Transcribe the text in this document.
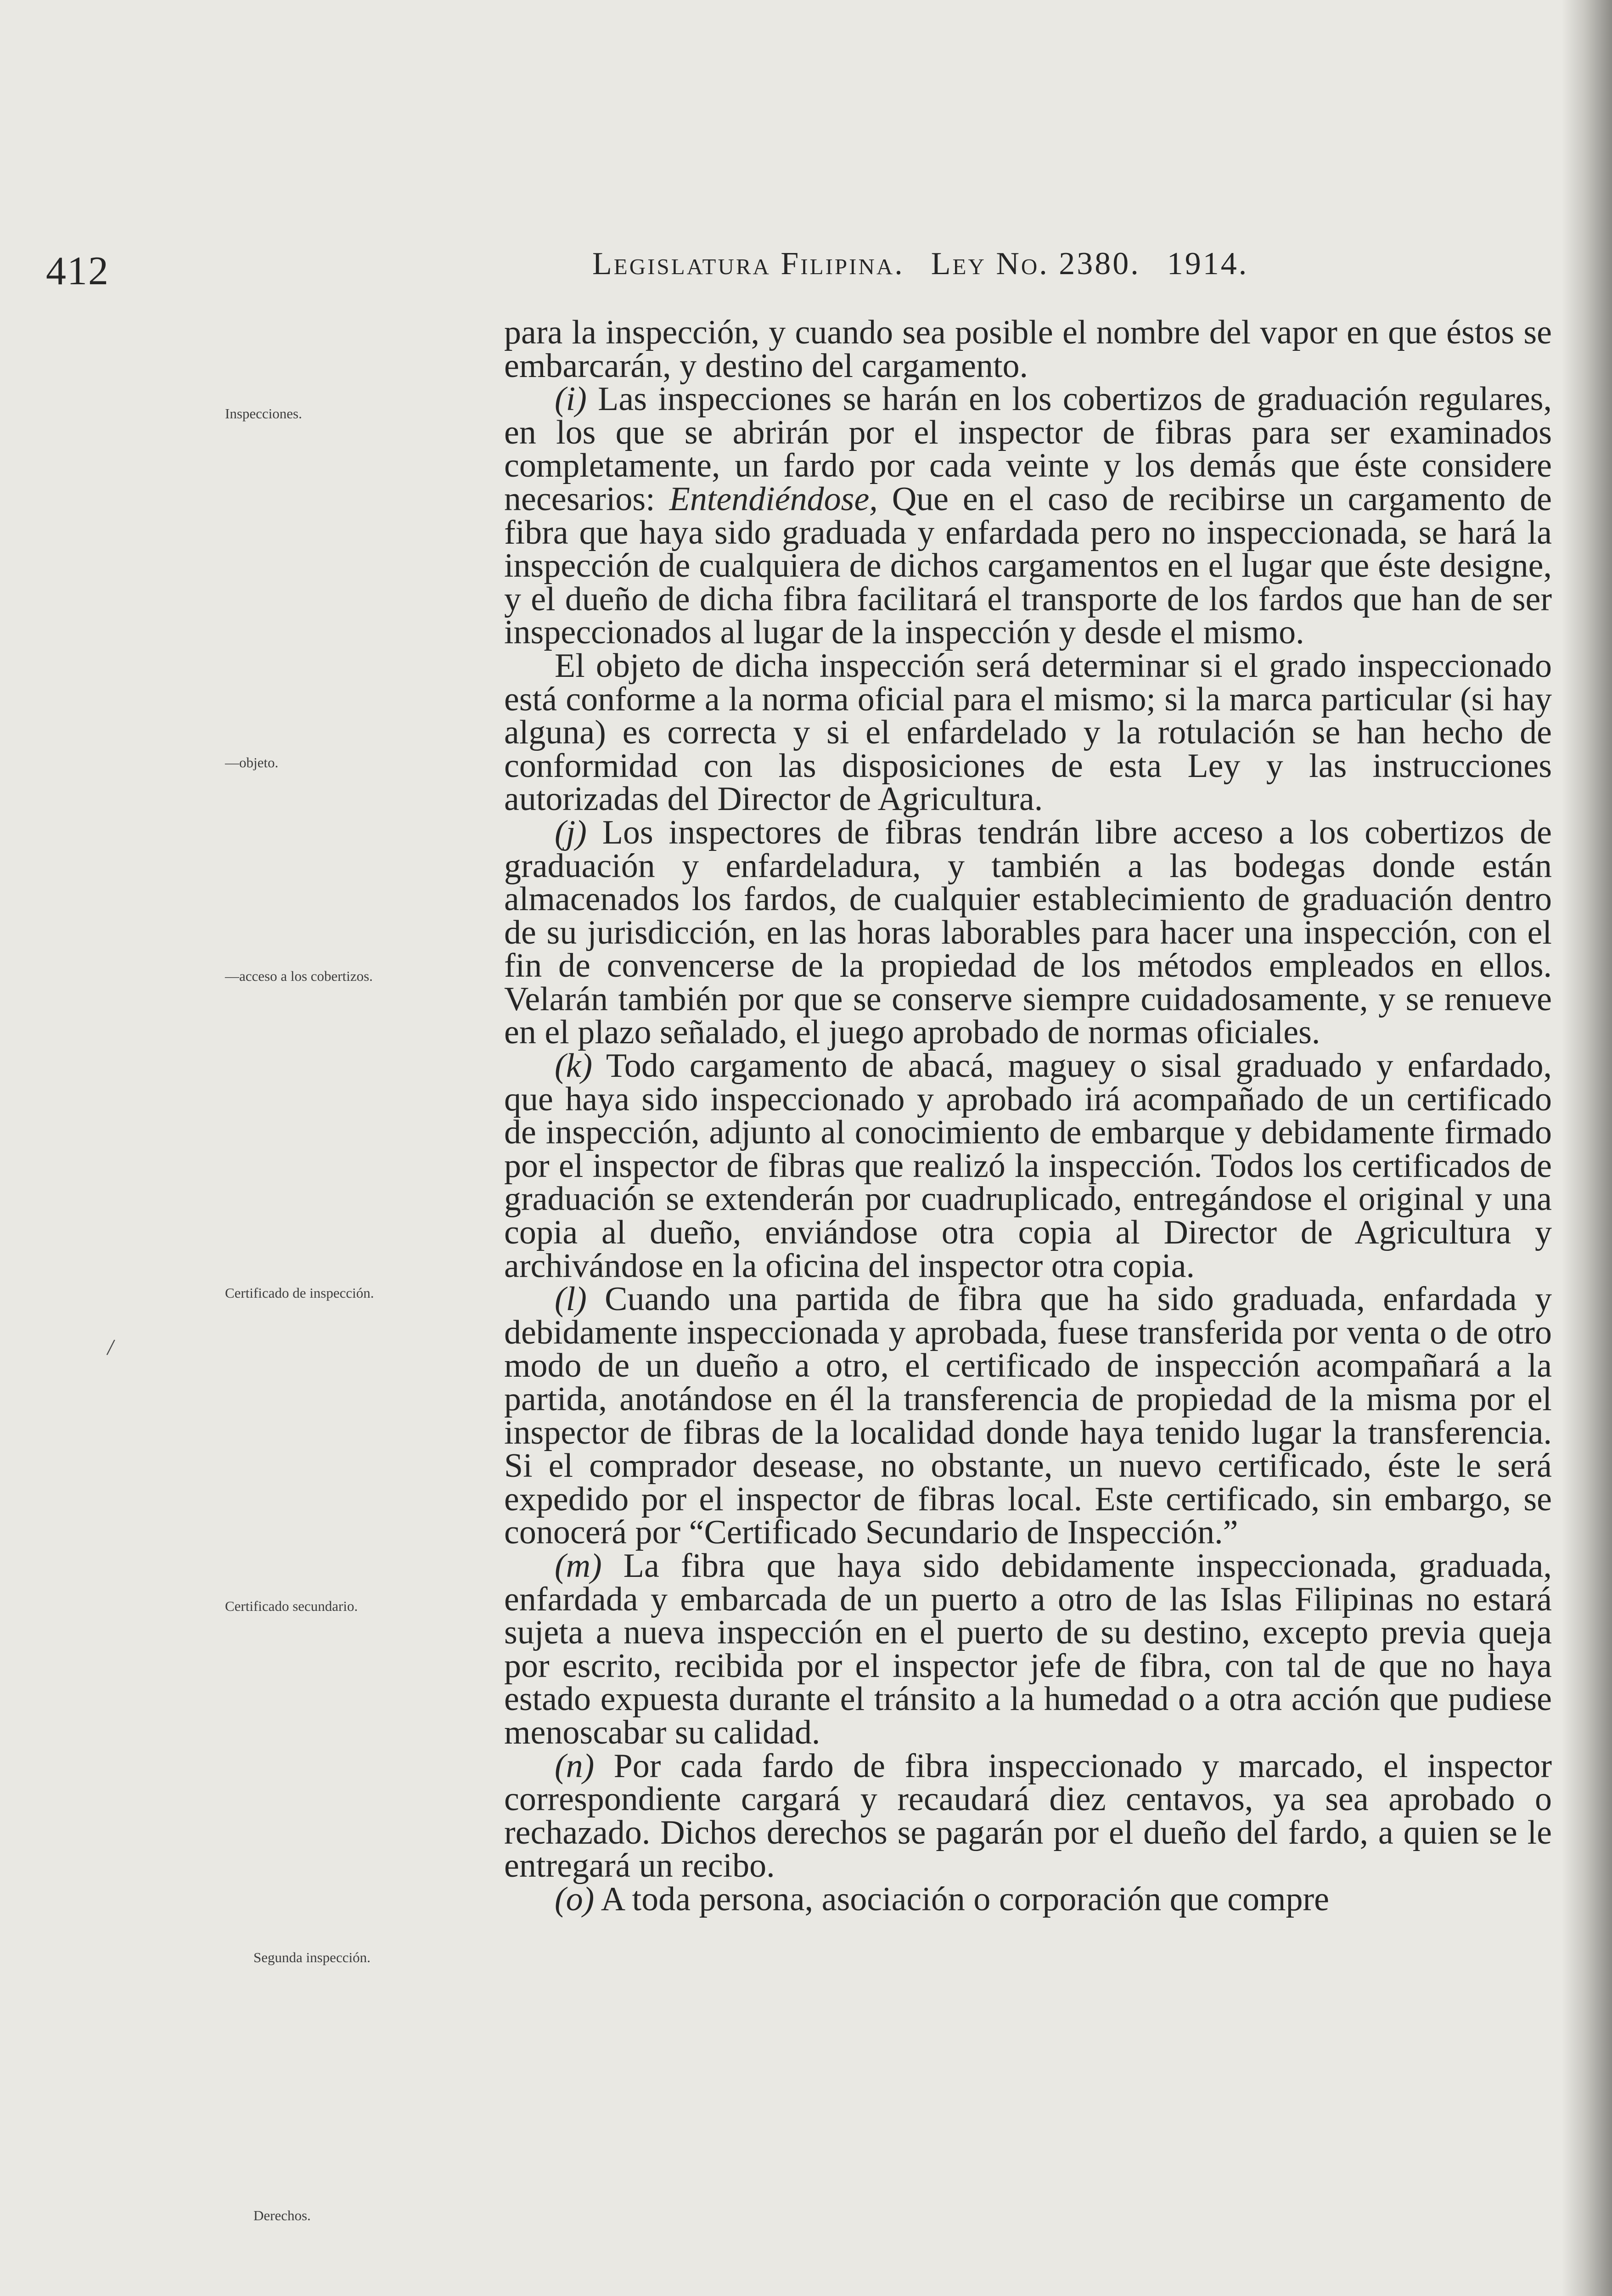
412	Legislatura Filipina. Ley No. 2380. 1914.
Inspecciones.
—objeto.
—acceso a los cobertizos.
Certificado de inspección.
Certificado secundario.
Segunda inspección.
Derechos.
/

para la inspección, y cuando sea posible el nombre del vapor en que éstos se embarcarán, y destino del cargamento.

(i) Las inspecciones se harán en los cobertizos de graduación regulares, en los que se abrirán por el inspector de fibras para ser examinados completamente, un fardo por cada veinte y los demás que éste considere necesarios: Entendiéndose, Que en el caso de recibirse un cargamento de fibra que haya sido graduada y enfardada pero no inspeccionada, se hará la inspección de cualquiera de dichos cargamentos en el lugar que éste designe, y el dueño de dicha fibra facilitará el transporte de los fardos que han de ser inspeccionados al lugar de la inspección y desde el mismo.

El objeto de dicha inspección será determinar si el grado inspeccionado está conforme a la norma oficial para el mismo; si la marca particular (si hay alguna) es correcta y si el enfardelado y la rotulación se han hecho de conformidad con las disposiciones de esta Ley y las instrucciones autorizadas del Director de Agricultura.

(j) Los inspectores de fibras tendrán libre acceso a los cobertizos de graduación y enfardeladura, y también a las bodegas donde están almacenados los fardos, de cualquier establecimiento de graduación dentro de su jurisdicción, en las horas laborables para hacer una inspección, con el fin de convencerse de la propiedad de los métodos empleados en ellos. Velarán también por que se conserve siempre cuidadosamente, y se renueve en el plazo señalado, el juego aprobado de normas oficiales.

(k) Todo cargamento de abacá, maguey o sisal graduado y enfardado, que haya sido inspeccionado y aprobado irá acompañado de un certificado de inspección, adjunto al conocimiento de embarque y debidamente firmado por el inspector de fibras que realizó la inspección. Todos los certificados de graduación se extenderán por cuadruplicado, entregándose el original y una copia al dueño, enviándose otra copia al Director de Agricultura y archivándose en la oficina del inspector otra copia.

(l) Cuando una partida de fibra que ha sido graduada, enfardada y debidamente inspeccionada y aprobada, fuese transferida por venta o de otro modo de un dueño a otro, el certificado de inspección acompañará a la partida, anotándose en él la transferencia de propiedad de la misma por el inspector de fibras de la localidad donde haya tenido lugar la transferencia. Si el comprador desease, no obstante, un nuevo certificado, éste le será expedido por el inspector de fibras local. Este certificado, sin embargo, se conocerá por “Certificado Secundario de Inspección.”

(m) La fibra que haya sido debidamente inspeccionada, graduada, enfardada y embarcada de un puerto a otro de las Islas Filipinas no estará sujeta a nueva inspección en el puerto de su destino, excepto previa queja por escrito, recibida por el inspector jefe de fibra, con tal de que no haya estado expuesta durante el tránsito a la humedad o a otra acción que pudiese menoscabar su calidad.

(n) Por cada fardo de fibra inspeccionado y marcado, el inspector correspondiente cargará y recaudará diez centavos, ya sea aprobado o rechazado. Dichos derechos se pagarán por el dueño del fardo, a quien se le entregará un recibo.

(o) A toda persona, asociación o corporación que compre
